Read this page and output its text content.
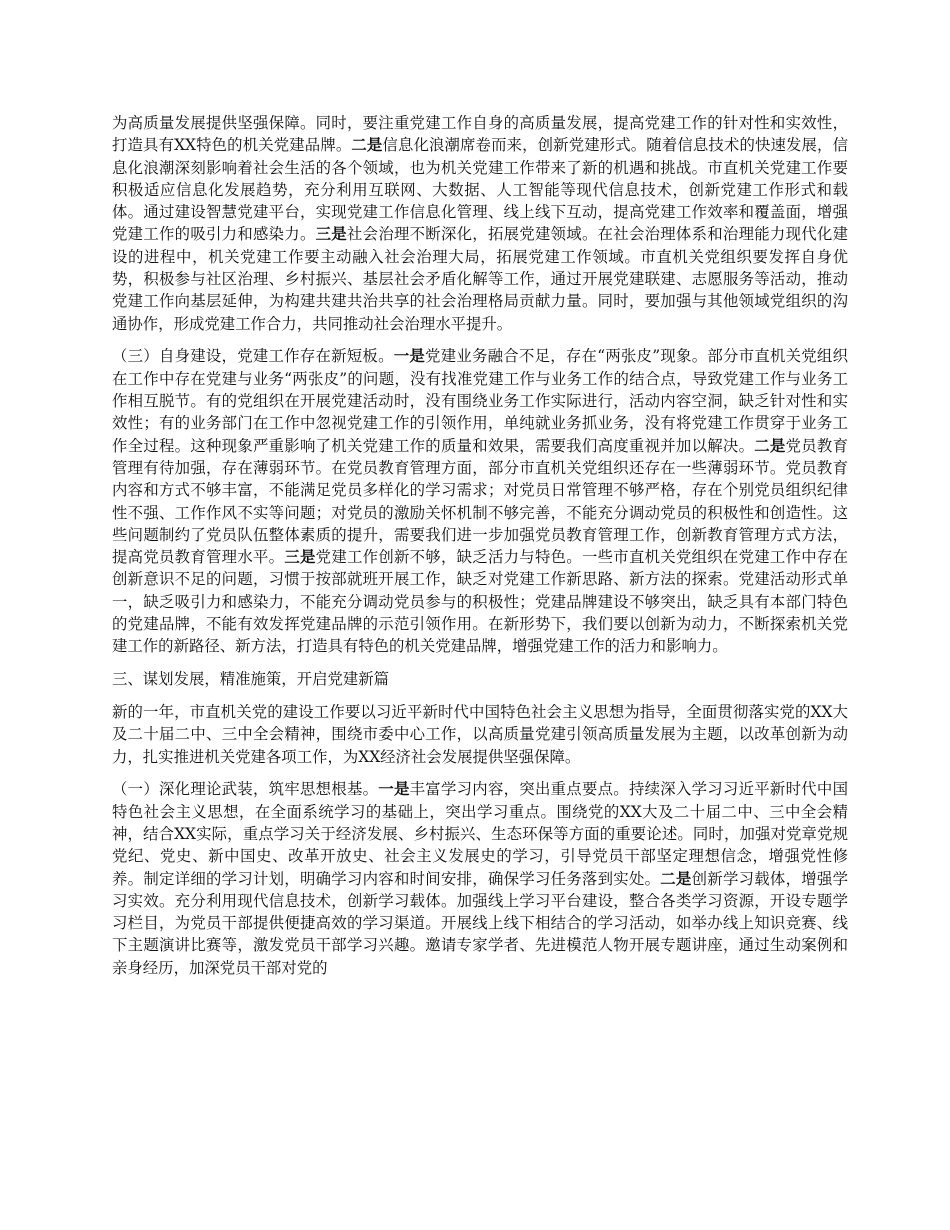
为高质量发展提供坚强保障。同时，要注重党建工作自身的高质量发展，提高党建工作的针对性和实效性，打造具有XX特色的机关党建品牌。二是信息化浪潮席卷而来，创新党建形式。随着信息技术的快速发展，信息化浪潮深刻影响着社会生活的各个领域，也为机关党建工作带来了新的机遇和挑战。市直机关党建工作要积极适应信息化发展趋势，充分利用互联网、大数据、人工智能等现代信息技术，创新党建工作形式和载体。通过建设智慧党建平台，实现党建工作信息化管理、线上线下互动，提高党建工作效率和覆盖面，增强党建工作的吸引力和感染力。三是社会治理不断深化，拓展党建领域。在社会治理体系和治理能力现代化建设的进程中，机关党建工作要主动融入社会治理大局，拓展党建工作领域。市直机关党组织要发挥自身优势，积极参与社区治理、乡村振兴、基层社会矛盾化解等工作，通过开展党建联建、志愿服务等活动，推动党建工作向基层延伸，为构建共建共治共享的社会治理格局贡献力量。同时，要加强与其他领域党组织的沟通协作，形成党建工作合力，共同推动社会治理水平提升。

（三）自身建设，党建工作存在新短板。一是党建业务融合不足，存在“两张皮”现象。部分市直机关党组织在工作中存在党建与业务“两张皮”的问题，没有找准党建工作与业务工作的结合点，导致党建工作与业务工作相互脱节。有的党组织在开展党建活动时，没有围绕业务工作实际进行，活动内容空洞，缺乏针对性和实效性；有的业务部门在工作中忽视党建工作的引领作用，单纯就业务抓业务，没有将党建工作贯穿于业务工作全过程。这种现象严重影响了机关党建工作的质量和效果，需要我们高度重视并加以解决。二是党员教育管理有待加强，存在薄弱环节。在党员教育管理方面，部分市直机关党组织还存在一些薄弱环节。党员教育内容和方式不够丰富，不能满足党员多样化的学习需求；对党员日常管理不够严格，存在个别党员组织纪律性不强、工作作风不实等问题；对党员的激励关怀机制不够完善，不能充分调动党员的积极性和创造性。这些问题制约了党员队伍整体素质的提升，需要我们进一步加强党员教育管理工作，创新教育管理方式方法，提高党员教育管理水平。三是党建工作创新不够，缺乏活力与特色。一些市直机关党组织在党建工作中存在创新意识不足的问题，习惯于按部就班开展工作，缺乏对党建工作新思路、新方法的探索。党建活动形式单一，缺乏吸引力和感染力，不能充分调动党员参与的积极性；党建品牌建设不够突出，缺乏具有本部门特色的党建品牌，不能有效发挥党建品牌的示范引领作用。在新形势下，我们要以创新为动力，不断探索机关党建工作的新路径、新方法，打造具有特色的机关党建品牌，增强党建工作的活力和影响力。

三、谋划发展，精准施策，开启党建新篇

新的一年，市直机关党的建设工作要以习近平新时代中国特色社会主义思想为指导，全面贯彻落实党的XX大及二十届二中、三中全会精神，围绕市委中心工作，以高质量党建引领高质量发展为主题，以改革创新为动力，扎实推进机关党建各项工作，为XX经济社会发展提供坚强保障。

（一）深化理论武装，筑牢思想根基。一是丰富学习内容，突出重点要点。持续深入学习习近平新时代中国特色社会主义思想，在全面系统学习的基础上，突出学习重点。围绕党的XX大及二十届二中、三中全会精神，结合XX实际，重点学习关于经济发展、乡村振兴、生态环保等方面的重要论述。同时，加强对党章党规党纪、党史、新中国史、改革开放史、社会主义发展史的学习，引导党员干部坚定理想信念，增强党性修养。制定详细的学习计划，明确学习内容和时间安排，确保学习任务落到实处。二是创新学习载体，增强学习实效。充分利用现代信息技术，创新学习载体。加强线上学习平台建设，整合各类学习资源，开设专题学习栏目，为党员干部提供便捷高效的学习渠道。开展线上线下相结合的学习活动，如举办线上知识竞赛、线下主题演讲比赛等，激发党员干部学习兴趣。邀请专家学者、先进模范人物开展专题讲座，通过生动案例和亲身经历，加深党员干部对党的
